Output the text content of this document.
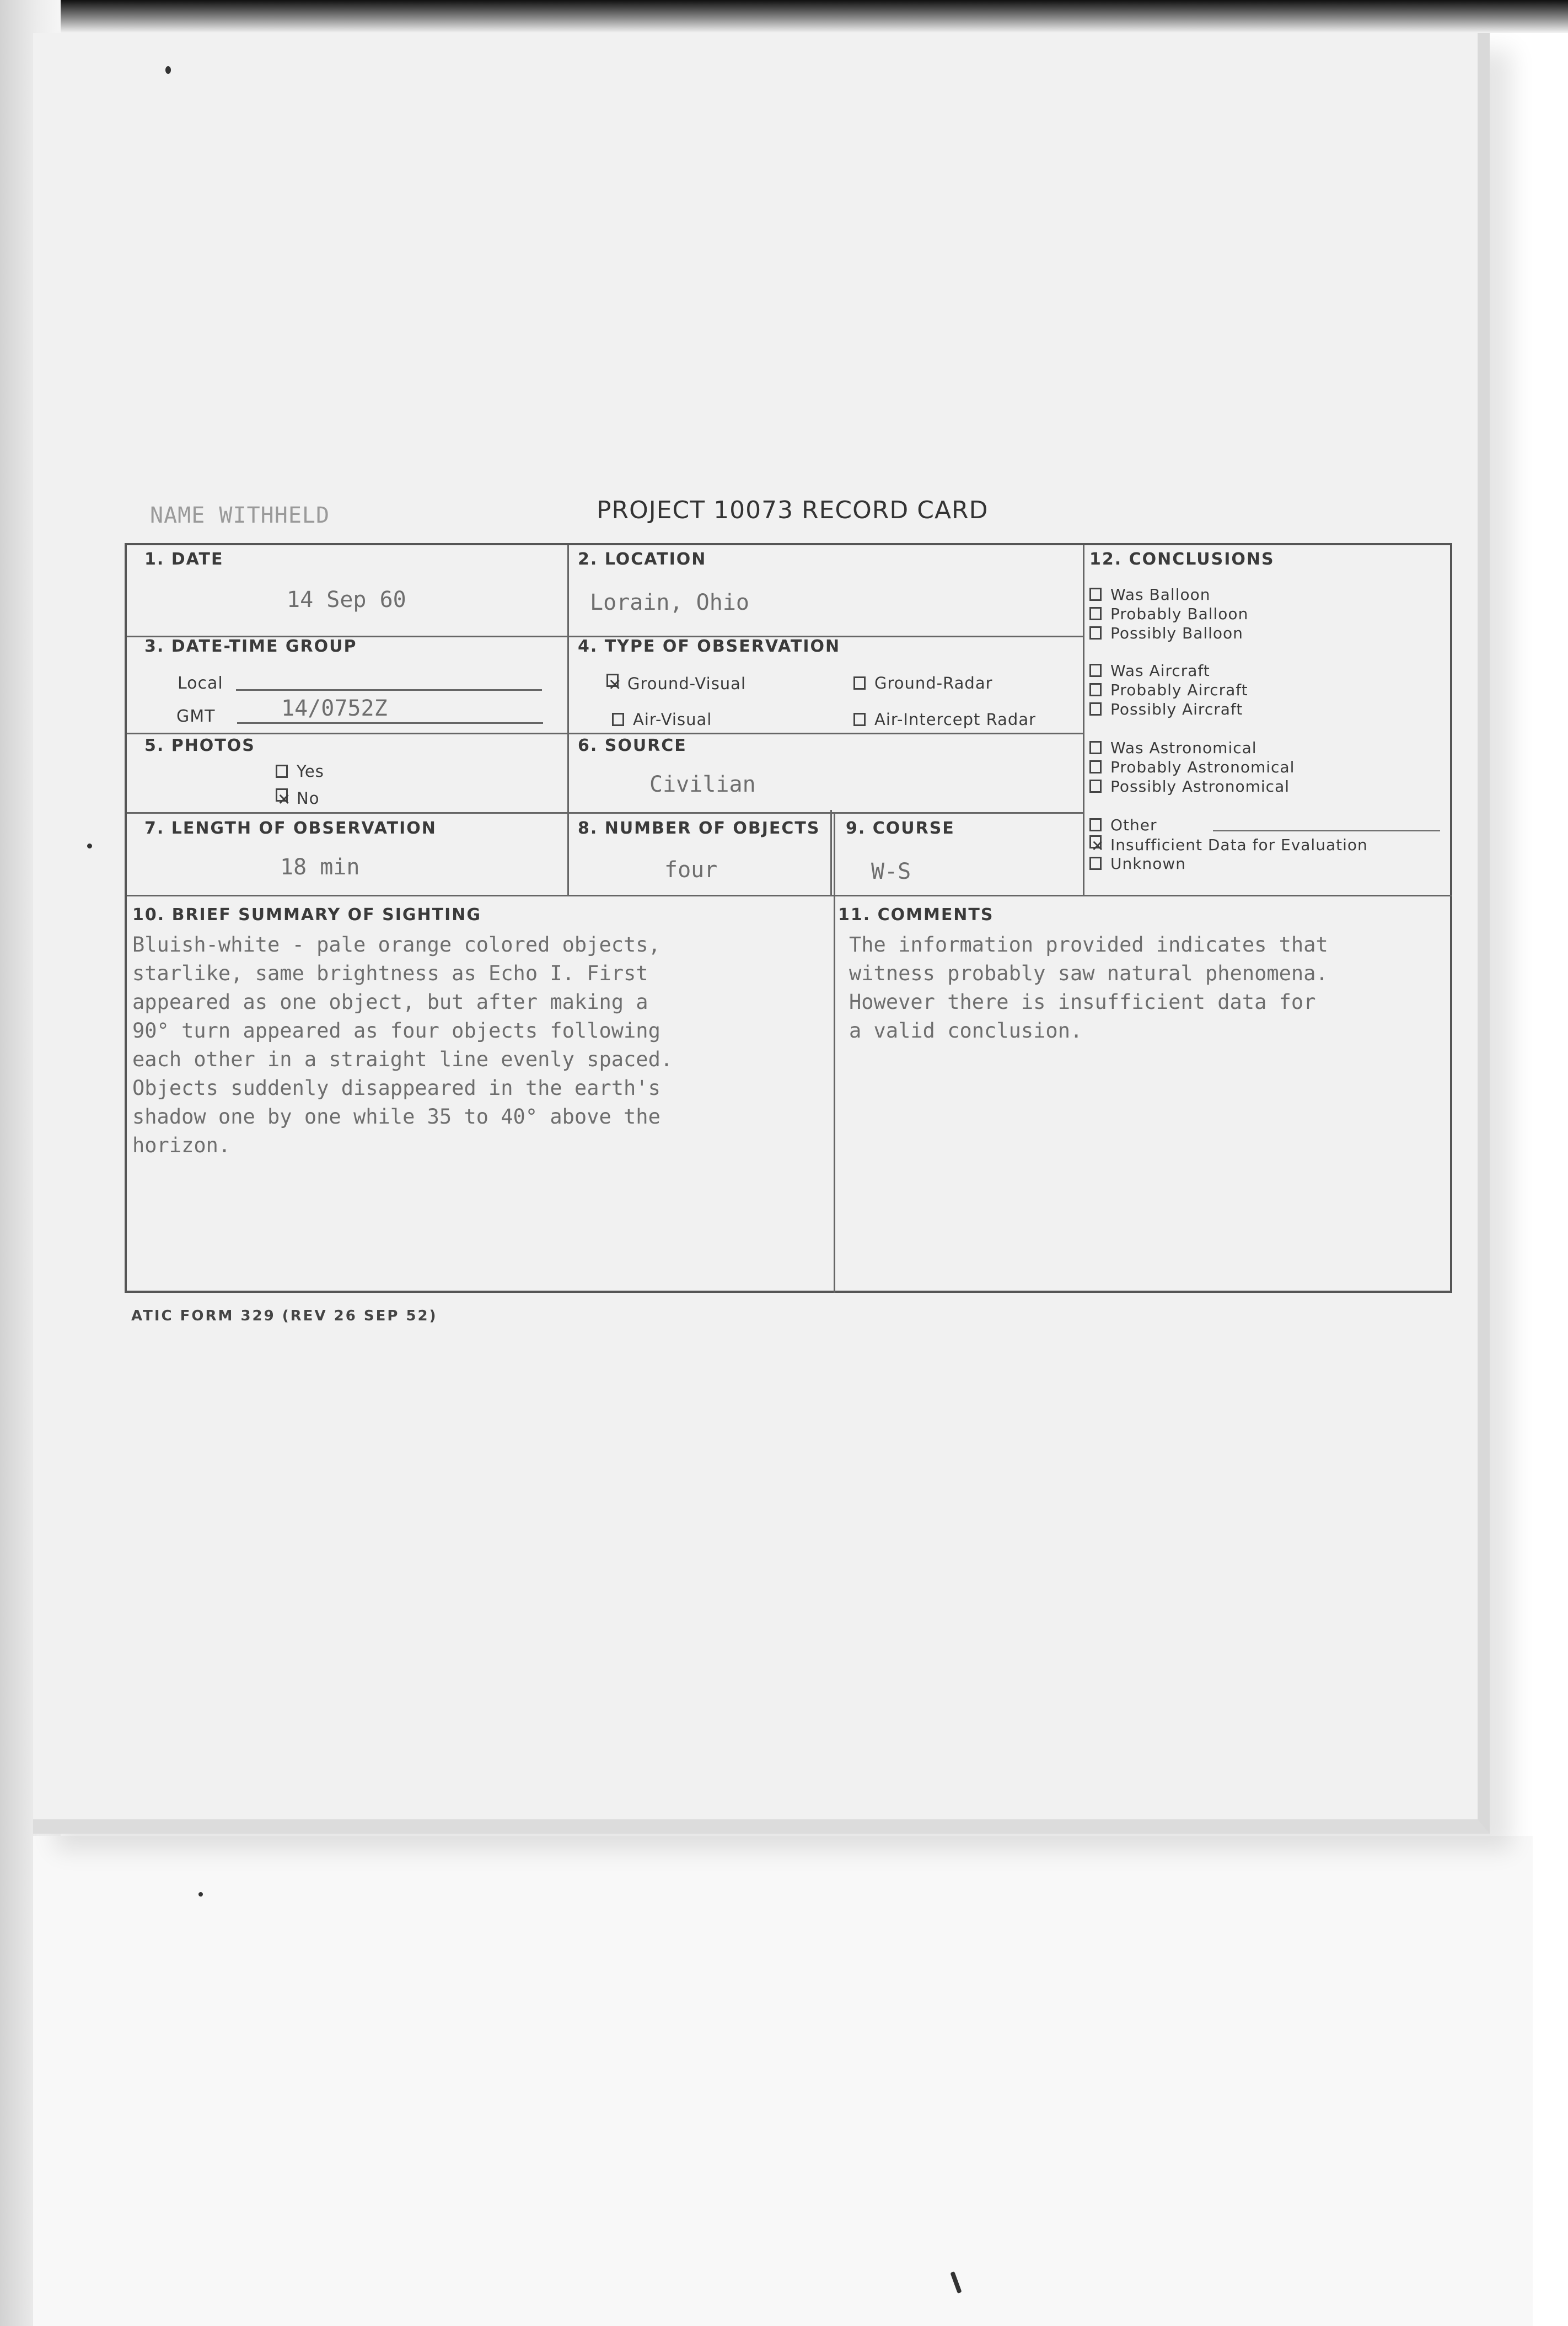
NAME WITHHELD	PROJECT 10073 RECORD CARD
1. DATE
14 Sep 60
2. LOCATION
Lorain, Ohio
3. DATE-TIME GROUP
Local
GMT	14/0752Z
4. TYPE OF OBSERVATION
✕ Ground-Visual	Ground-Radar
Air-Visual	Air-Intercept Radar
5. PHOTOS
Yes
✕ No
6. SOURCE
Civilian
7. LENGTH OF OBSERVATION
18 min
8. NUMBER OF OBJECTS
four
9. COURSE
W-S
10. BRIEF SUMMARY OF SIGHTING
Bluish-white - pale orange colored objects,
starlike, same brightness as Echo I. First
appeared as one object, but after making a
90° turn appeared as four objects following
each other in a straight line evenly spaced.
Objects suddenly disappeared in the earth's
shadow one by one while 35 to 40° above the
horizon.
11. COMMENTS
The information provided indicates that
witness probably saw natural phenomena.
However there is insufficient data for
a valid conclusion.
12. CONCLUSIONS
Was Balloon
Probably Balloon
Possibly Balloon
Was Aircraft
Probably Aircraft
Possibly Aircraft
Was Astronomical
Probably Astronomical
Possibly Astronomical
Other
✕ Insufficient Data for Evaluation
Unknown
ATIC FORM 329 (REV 26 SEP 52)
